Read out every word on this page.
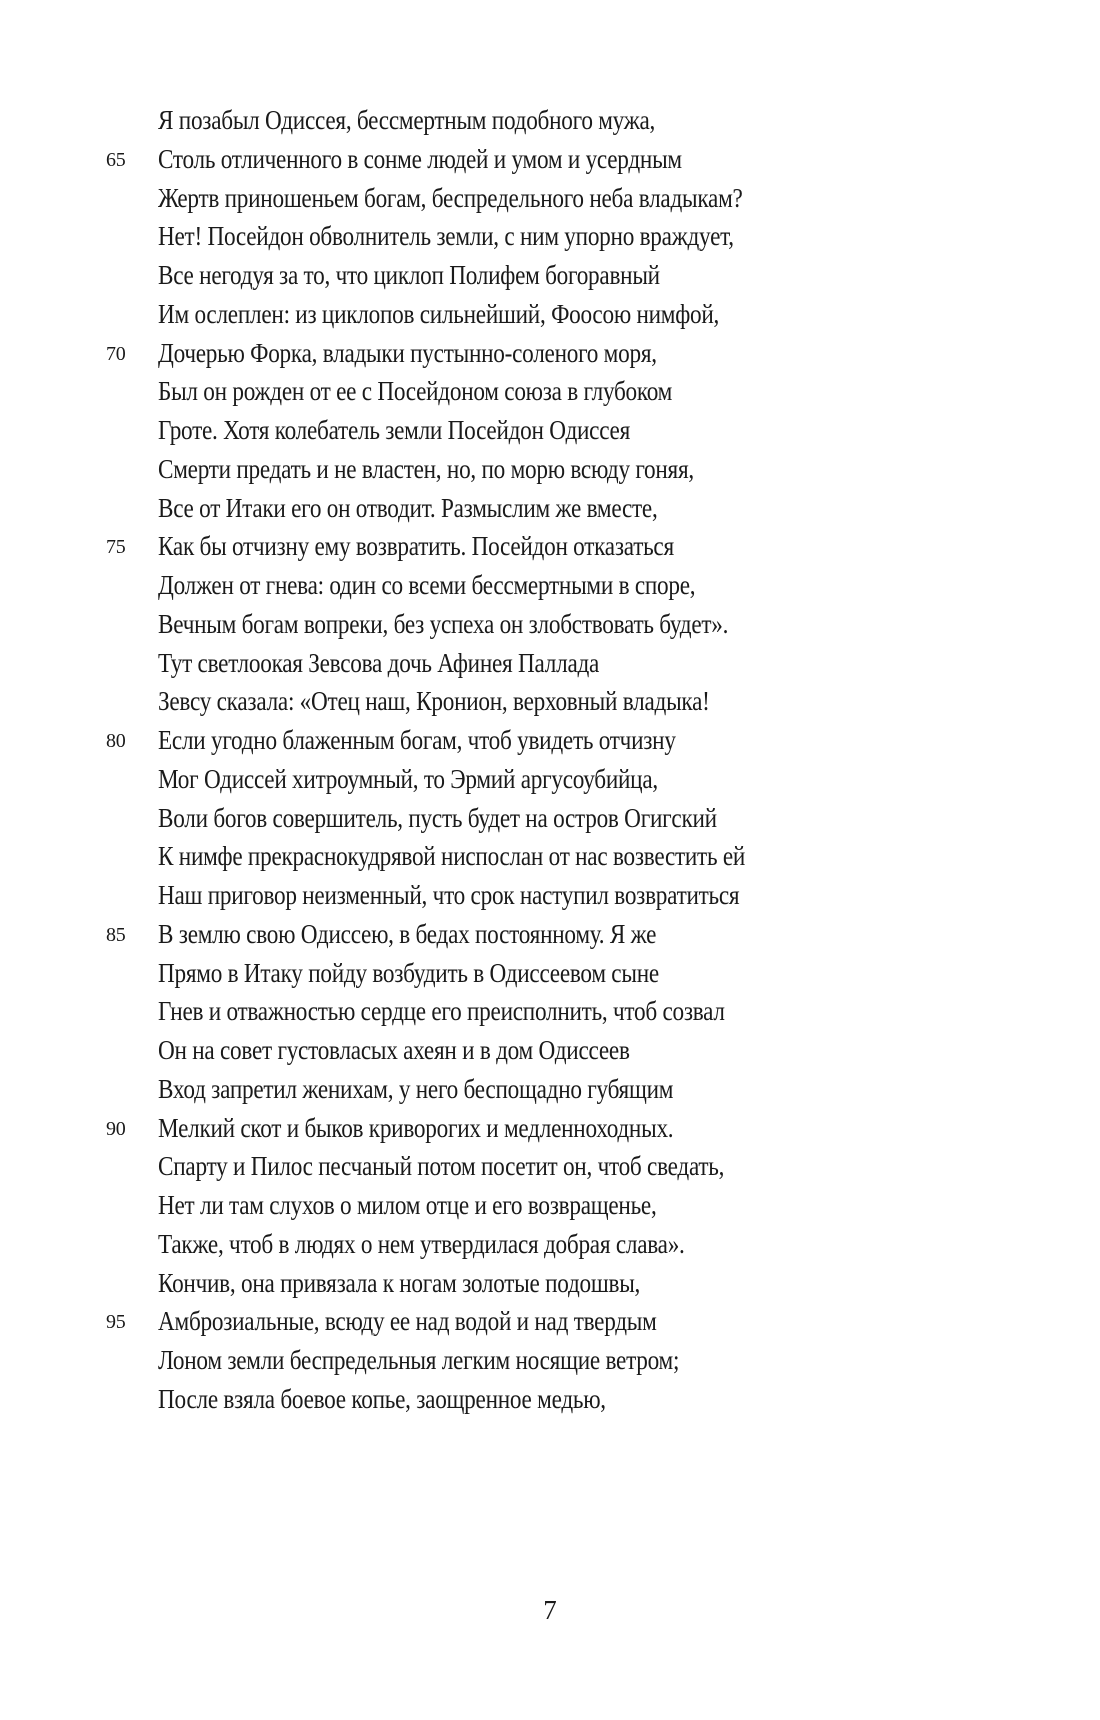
Я позабыл Одиссея, бессмертным подобного мужа,
65	Столь отличенного в сонме людей и умом и усердным
Жертв приношеньем богам, беспредельного неба владыкам?
Нет! Посейдон обволнитель земли, с ним упорно враждует,
Все негодуя за то, что циклоп Полифем богоравный
Им ослеплен: из циклопов сильнейший, Фоосою нимфой,
70	Дочерью Форка, владыки пустынно-соленого моря,
Был он рожден от ее с Посейдоном союза в глубоком
Гроте. Хотя колебатель земли Посейдон Одиссея
Смерти предать и не властен, но, по морю всюду гоняя,
Все от Итаки его он отводит. Размыслим же вместе,
75	Как бы отчизну ему возвратить. Посейдон отказаться
Должен от гнева: один со всеми бессмертными в споре,
Вечным богам вопреки, без успеха он злобствовать будет».
Тут светлоокая Зевсова дочь Афинея Паллада
Зевсу сказала: «Отец наш, Кронион, верховный владыка!
80	Если угодно блаженным богам, чтоб увидеть отчизну
Мог Одиссей хитроумный, то Эрмий аргусоубийца,
Воли богов совершитель, пусть будет на остров Огигский
К нимфе прекраснокудрявой ниспослан от нас возвестить ей
Наш приговор неизменный, что срок наступил возвратиться
85	В землю свою Одиссею, в бедах постоянному. Я же
Прямо в Итаку пойду возбудить в Одиссеевом сыне
Гнев и отважностью сердце его преисполнить, чтоб созвал
Он на совет густовласых ахеян и в дом Одиссеев
Вход запретил женихам, у него беспощадно губящим
90	Мелкий скот и быков криворогих и медленноходных.
Спарту и Пилос песчаный потом посетит он, чтоб сведать,
Нет ли там слухов о милом отце и его возвращенье,
Также, чтоб в людях о нем утвердилася добрая слава».
Кончив, она привязала к ногам золотые подошвы,
95	Амброзиальные, всюду ее над водой и над твердым
Лоном земли беспредельныя легким носящие ветром;
После взяла боевое копье, заощренное медью,
7
